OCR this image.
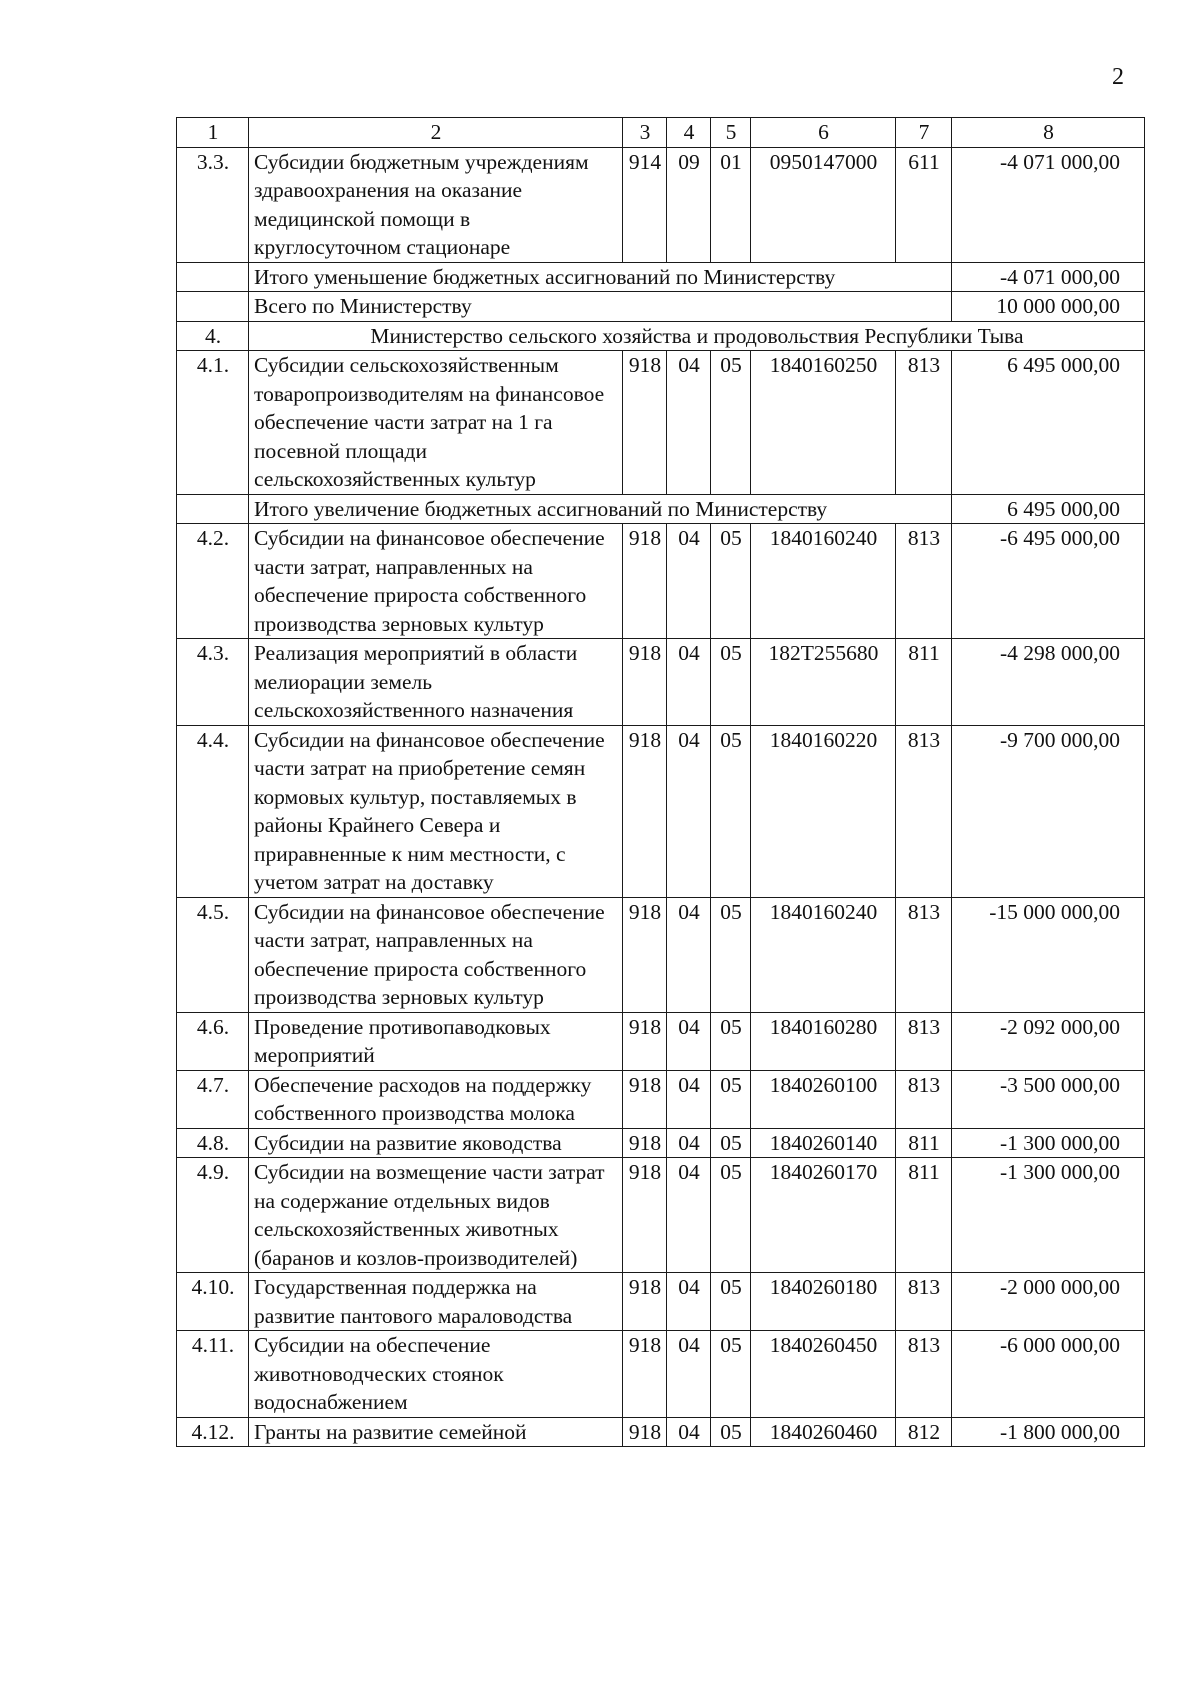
2
1	2	3	4	5	6	7	8
3.3.	Субсидии бюджетным учреждениям здравоохранения на оказание медицинской помощи в круглосуточном стационаре	914	09	01	0950147000	611	-4 071 000,00
	Итого уменьшение бюджетных ассигнований по Министерству						-4 071 000,00
	Всего по Министерству						10 000 000,00
4.	Министерство сельского хозяйства и продовольствия Республики Тыва						
4.1.	Субсидии сельскохозяйственным товаропроизводителям на финансовое обеспечение части затрат на 1 га посевной площади сельскохозяйственных культур	918	04	05	1840160250	813	6 495 000,00
	Итого увеличение бюджетных ассигнований по Министерству						6 495 000,00
4.2.	Субсидии на финансовое обеспечение части затрат, направленных на обеспечение прироста собственного производства зерновых культур	918	04	05	1840160240	813	-6 495 000,00
4.3.	Реализация мероприятий в области мелиорации земель сельскохозяйственного назначения	918	04	05	182Т255680	811	-4 298 000,00
4.4.	Субсидии на финансовое обеспечение части затрат на приобретение семян кормовых культур, поставляемых в районы Крайнего Севера и приравненные к ним местности, с учетом затрат на доставку	918	04	05	1840160220	813	-9 700 000,00
4.5.	Субсидии на финансовое обеспечение части затрат, направленных на обеспечение прироста собственного производства зерновых культур	918	04	05	1840160240	813	-15 000 000,00
4.6.	Проведение противопаводковых мероприятий	918	04	05	1840160280	813	-2 092 000,00
4.7.	Обеспечение расходов на поддержку собственного производства молока	918	04	05	1840260100	813	-3 500 000,00
4.8.	Субсидии на развитие яководства	918	04	05	1840260140	811	-1 300 000,00
4.9.	Субсидии на возмещение части затрат на содержание отдельных видов сельскохозяйственных животных (баранов и козлов-производителей)	918	04	05	1840260170	811	-1 300 000,00
4.10.	Государственная поддержка на развитие пантового мараловодства	918	04	05	1840260180	813	-2 000 000,00
4.11.	Субсидии на обеспечение животноводческих стоянок водоснабжением	918	04	05	1840260450	813	-6 000 000,00
4.12.	Гранты на развитие семейной	918	04	05	1840260460	812	-1 800 000,00
